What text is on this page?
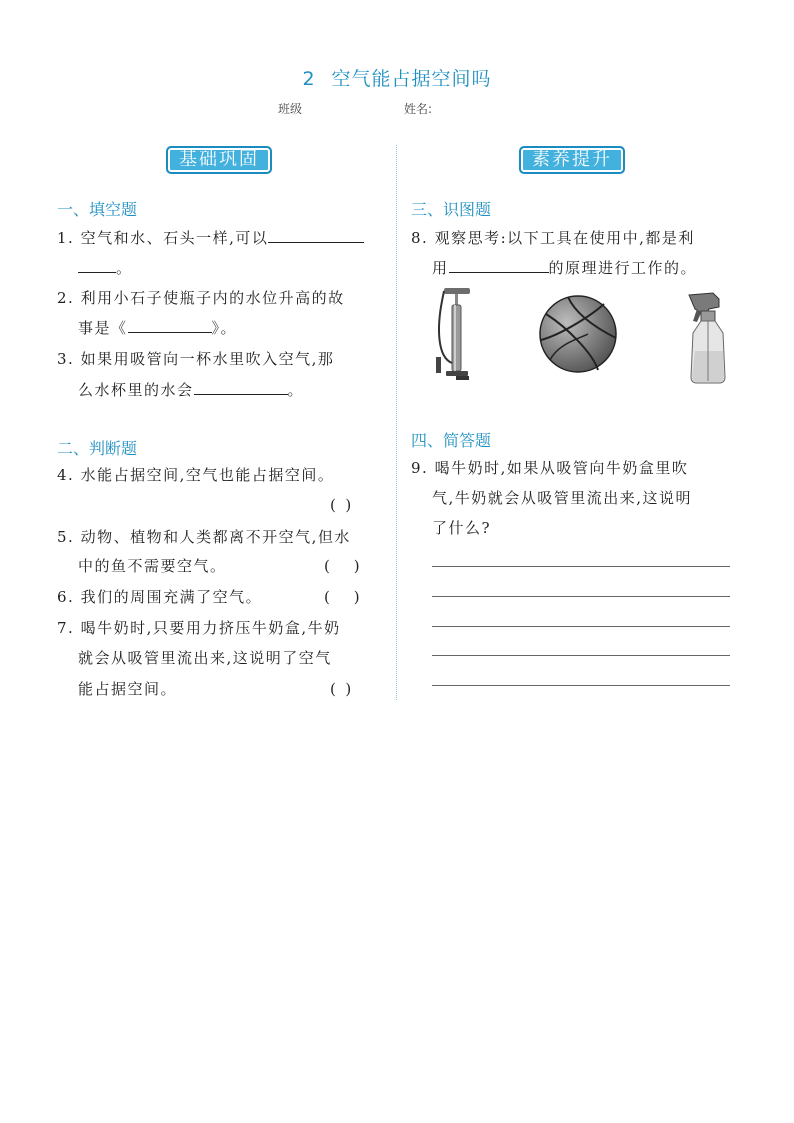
2 空气能占据空间吗
班级	姓名:
基础巩固	素养提升
一、填空题
1. 空气和水、石头一样,可以
。
2. 利用小石子使瓶子内的水位升高的故
事是《	》。
3. 如果用吸管向一杯水里吹入空气,那
么水杯里的水会	。
二、判断题
4. 水能占据空间,空气也能占据空间。
(  )
5. 动物、植物和人类都离不开空气,但水
中的鱼不需要空气。	(     )
6. 我们的周围充满了空气。	(     )
7. 喝牛奶时,只要用力挤压牛奶盒,牛奶
就会从吸管里流出来,这说明了空气
能占据空间。	(  )
三、识图题
8. 观察思考:以下工具在使用中,都是利
用	的原理进行工作的。
四、简答题
9. 喝牛奶时,如果从吸管向牛奶盒里吹
气,牛奶就会从吸管里流出来,这说明
了什么?
